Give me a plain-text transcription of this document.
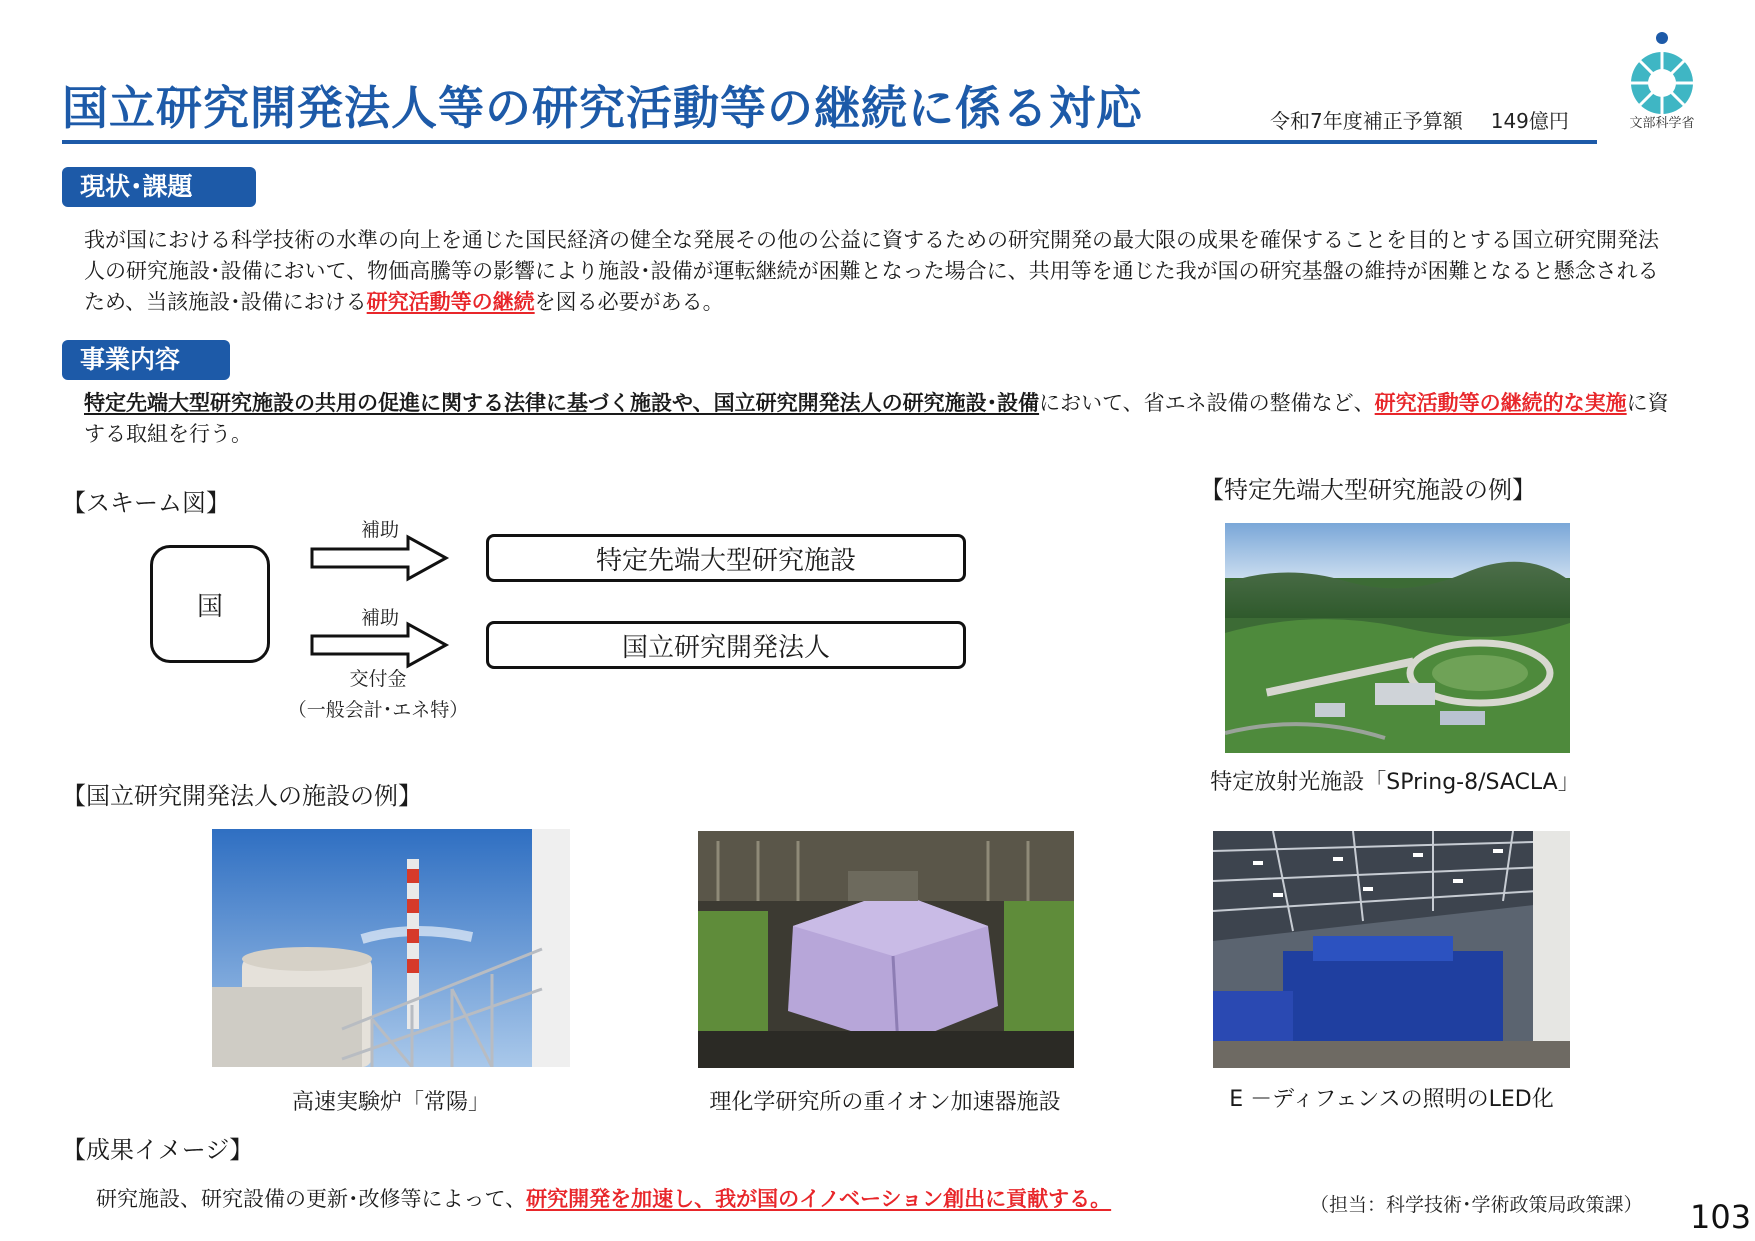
国立研究開発法人等の研究活動等の継続に係る対応	令和7年度補正予算額 149億円	文部科学省
現状･課題
我が国における科学技術の水準の向上を通じた国民経済の健全な発展その他の公益に資するための研究開発の最大限の成果を確保することを目的とする国立研究開発法人の研究施設･設備において、物価高騰等の影響により施設･設備が運転継続が困難となった場合に、共用等を通じた我が国の研究基盤の維持が困難となると懸念されるため、当該施設･設備における研究活動等の継続を図る必要がある。
事業内容
特定先端大型研究施設の共用の促進に関する法律に基づく施設や、国立研究開発法人の研究施設･設備において、省エネ設備の整備など、研究活動等の継続的な実施に資する取組を行う。
【スキーム図】
国
補助
特定先端大型研究施設
補助
国立研究開発法人
交付金
（一般会計･エネ特）
【特定先端大型研究施設の例】
特定放射光施設「SPring-8/SACLA」
【国立研究開発法人の施設の例】
高速実験炉「常陽」	理化学研究所の重イオン加速器施設	E －ディフェンスの照明のLED化
【成果イメージ】
研究施設、研究設備の更新･改修等によって、研究開発を加速し、我が国のイノベーション創出に貢献する。	（担当：科学技術･学術政策局政策課） 103
